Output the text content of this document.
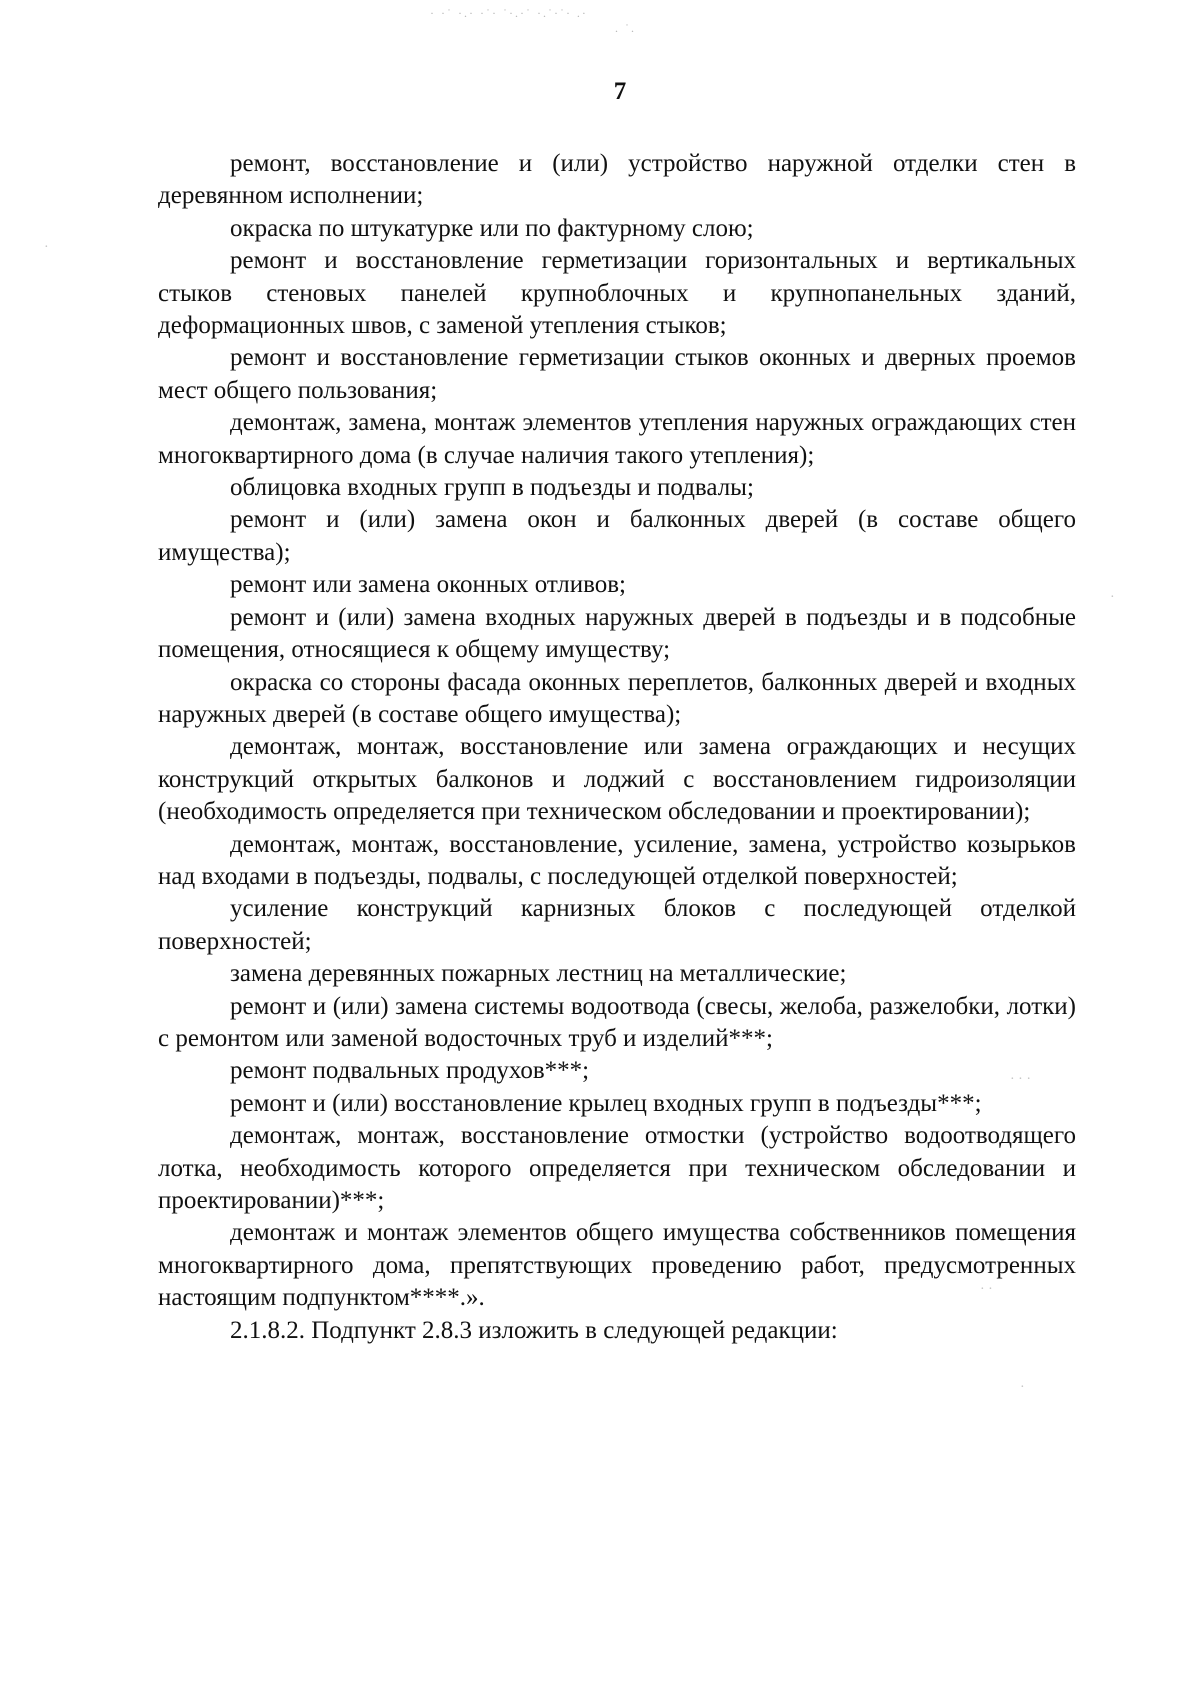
· ·˙ ·.· ·˙· ˙·.·˙ ·.˙·˙· .·
. ˙.
7

ремонт, восстановление и (или) устройство наружной отделки стен в деревянном исполнении;

окраска по штукатурке или по фактурному слою;

ремонт и восстановление герметизации горизонтальных и вертикальных стыков стеновых панелей крупноблочных и крупнопанельных зданий, деформационных швов, с заменой утепления стыков;

ремонт и восстановление герметизации стыков оконных и дверных проемов мест общего пользования;

демонтаж, замена, монтаж элементов утепления наружных ограждающих стен многоквартирного дома (в случае наличия такого утепления);

облицовка входных групп в подъезды и подвалы;

ремонт и (или) замена окон и балконных дверей (в составе общего имущества);

ремонт или замена оконных отливов;

ремонт и (или) замена входных наружных дверей в подъезды и в подсобные помещения, относящиеся к общему имуществу;

окраска со стороны фасада оконных переплетов, балконных дверей и входных наружных дверей (в составе общего имущества);

демонтаж, монтаж, восстановление или замена ограждающих и несущих конструкций открытых балконов и лоджий с восстановлением гидроизоляции (необходимость определяется при техническом обследовании и проектировании);

демонтаж, монтаж, восстановление, усиление, замена, устройство козырьков над входами в подъезды, подвалы, с последующей отделкой поверхностей;

усиление конструкций карнизных блоков с последующей отделкой поверхностей;

замена деревянных пожарных лестниц на металлические;

ремонт и (или) замена системы водоотвода (свесы, желоба, разжелобки, лотки) с ремонтом или заменой водосточных труб и изделий***;

ремонт подвальных продухов***;

ремонт и (или) восстановление крылец входных групп в подъезды***;

демонтаж, монтаж, восстановление отмостки (устройство водоотводящего лотка, необходимость которого определяется при техническом обследовании и проектировании)***;

демонтаж и монтаж элементов общего имущества собственников помещения многоквартирного дома, препятствующих проведению работ, предусмотренных настоящим подпунктом****.».

2.1.8.2. Подпункт 2.8.3 изложить в следующей редакции:

·
· · ·
· ·
·
·
